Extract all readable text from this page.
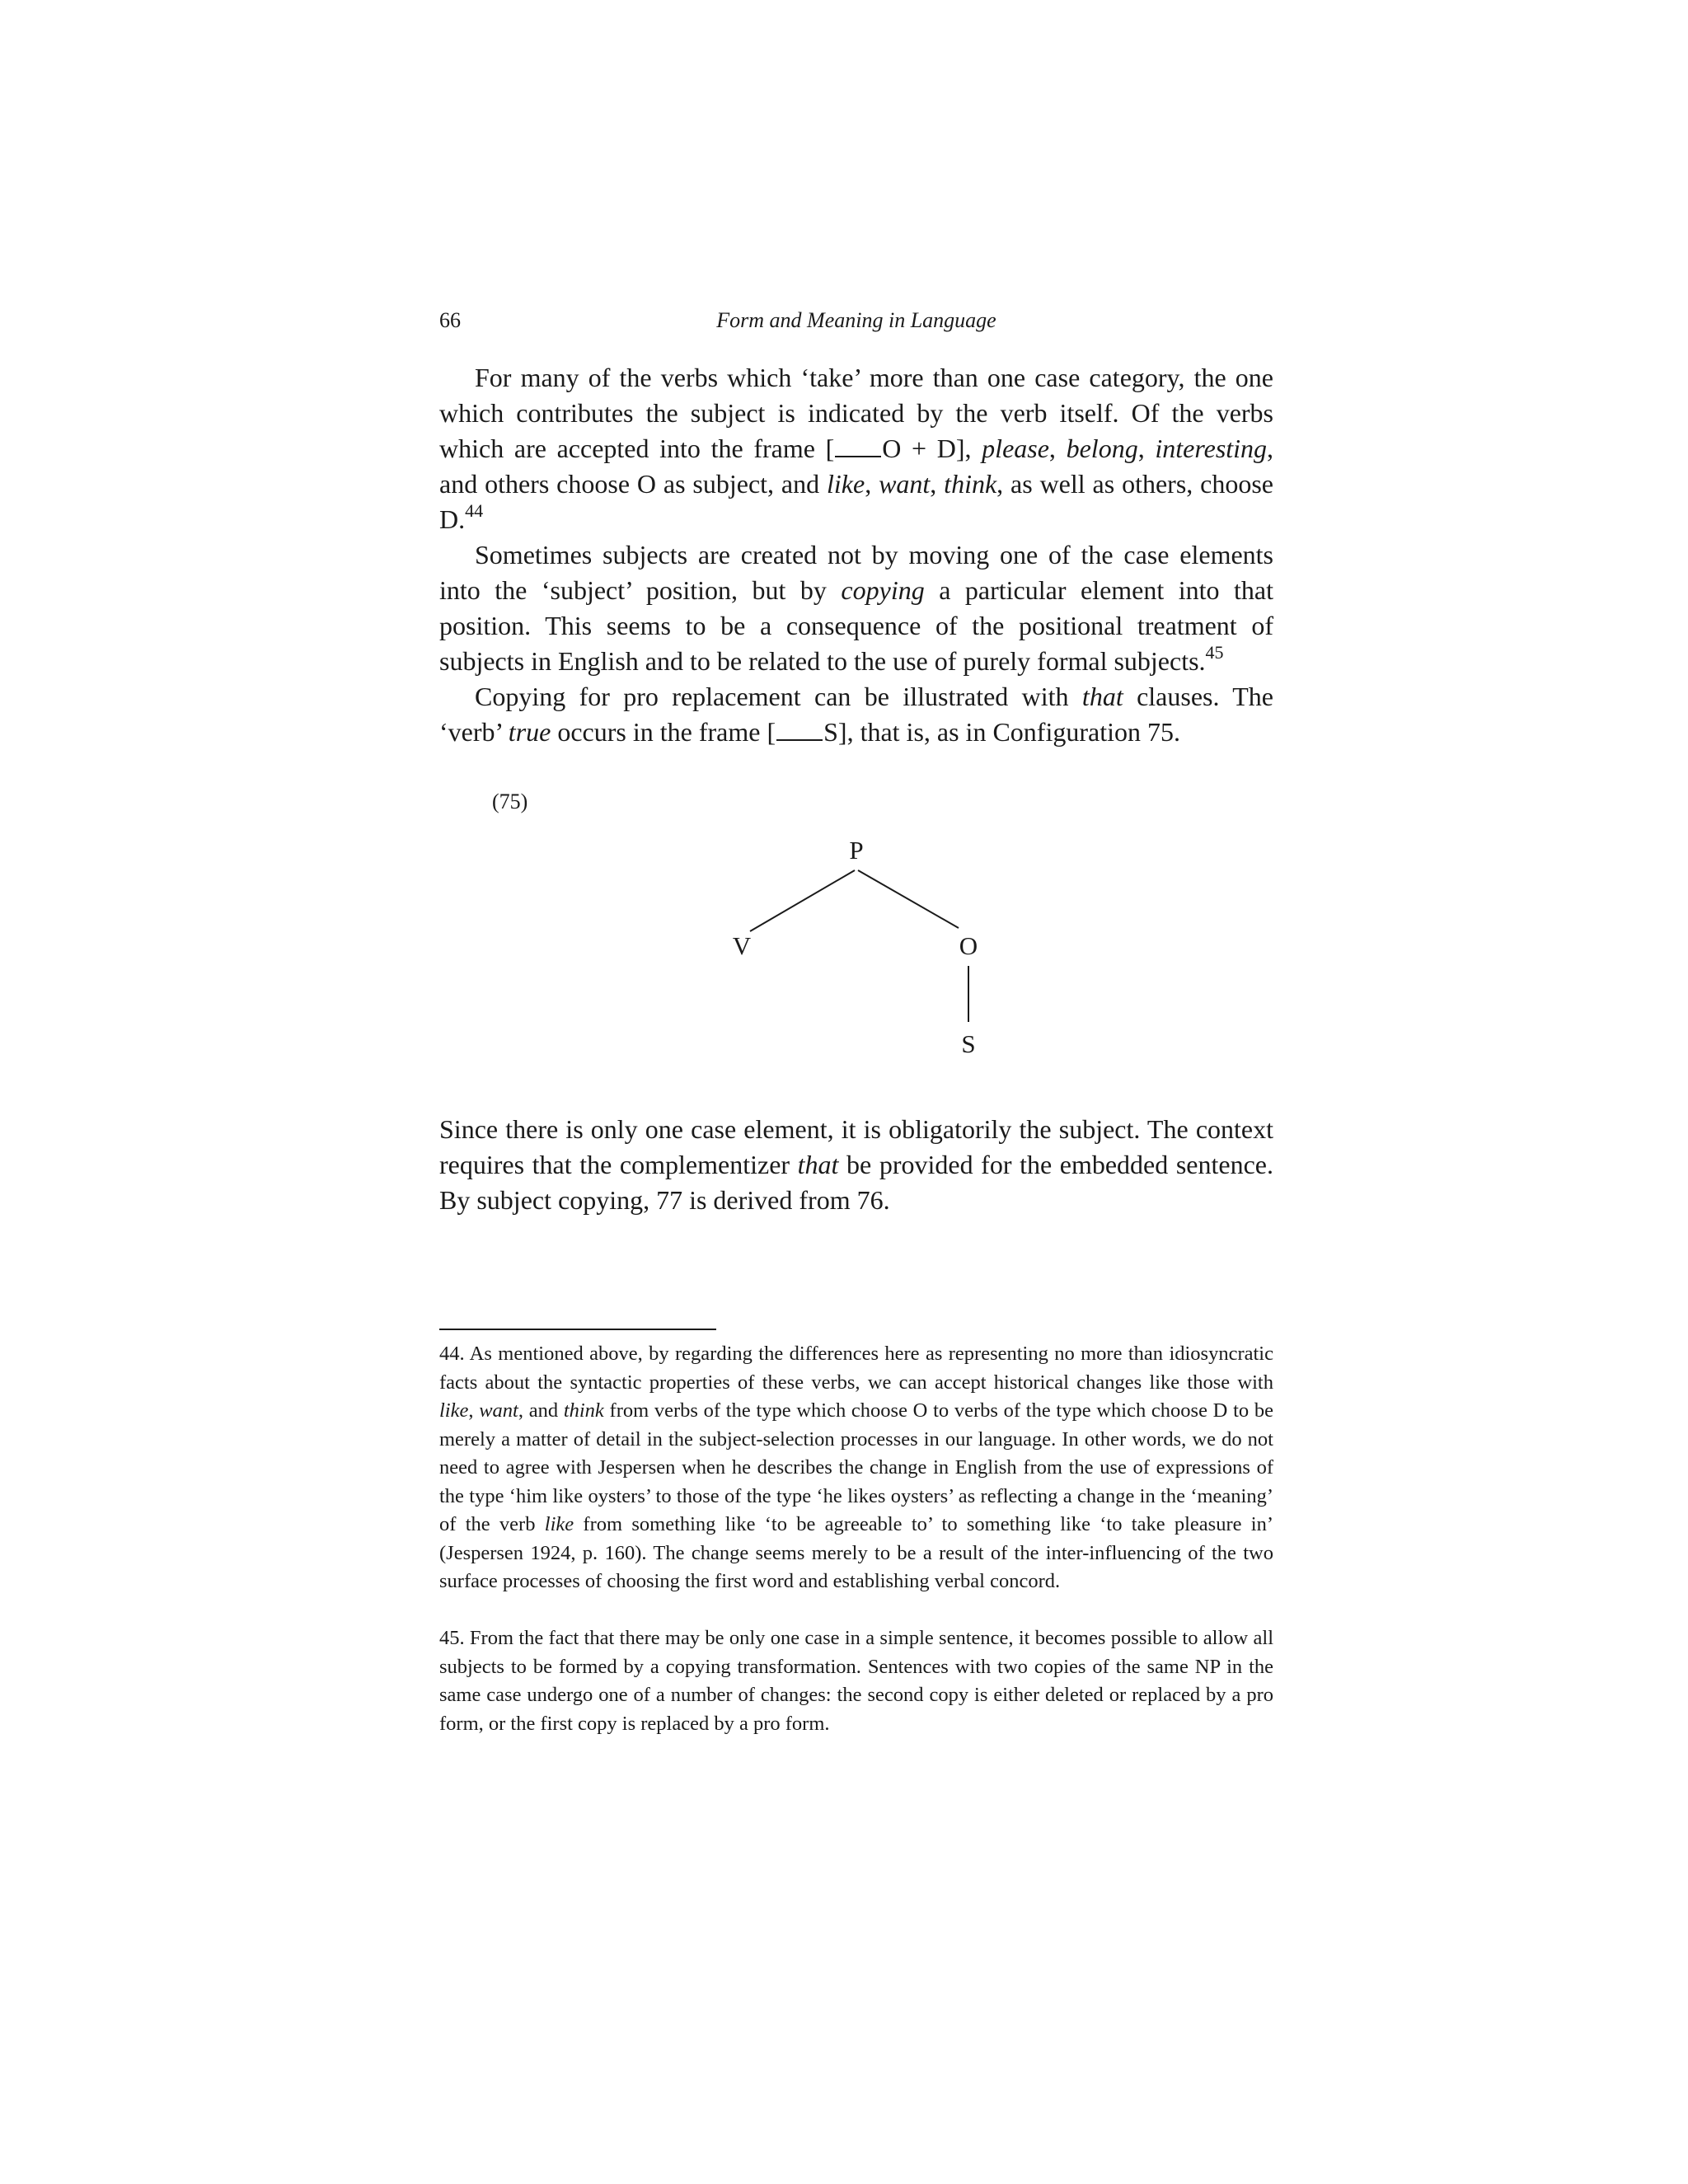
66	Form and Meaning in Language

For many of the verbs which ‘take’ more than one case category, the one which contributes the subject is indicated by the verb itself. Of the verbs which are accepted into the frame [ O + D], please, belong, interesting, and others choose O as subject, and like, want, think, as well as others, choose D.$^{44}$

Sometimes subjects are created not by moving one of the case elements into the ‘subject’ position, but by copying a particular element into that position. This seems to be a consequence of the positional treatment of subjects in English and to be related to the use of purely formal subjects.$^{45}$

Copying for pro replacement can be illustrated with that clauses. The ‘verb’ true occurs in the frame [ S], that is, as in Configuration 75.

(75)
P
V	O
S

Since there is only one case element, it is obligatorily the subject. The context requires that the complementizer that be provided for the embedded sentence. By subject copying, 77 is derived from 76.

44. As mentioned above, by regarding the differences here as representing no more than idiosyncratic facts about the syntactic properties of these verbs, we can accept historical changes like those with like, want, and think from verbs of the type which choose O to verbs of the type which choose D to be merely a matter of detail in the subject-selection processes in our language. In other words, we do not need to agree with Jespersen when he describes the change in English from the use of expressions of the type ‘him like oysters’ to those of the type ‘he likes oysters’ as reflecting a change in the ‘meaning’ of the verb like from something like ‘to be agreeable to’ to something like ‘to take pleasure in’ (Jespersen 1924, p. 160). The change seems merely to be a result of the inter-influencing of the two surface processes of choosing the first word and establishing verbal concord.

45. From the fact that there may be only one case in a simple sentence, it becomes possible to allow all subjects to be formed by a copying transformation. Sentences with two copies of the same NP in the same case undergo one of a number of changes: the second copy is either deleted or replaced by a pro form, or the first copy is replaced by a pro form.
